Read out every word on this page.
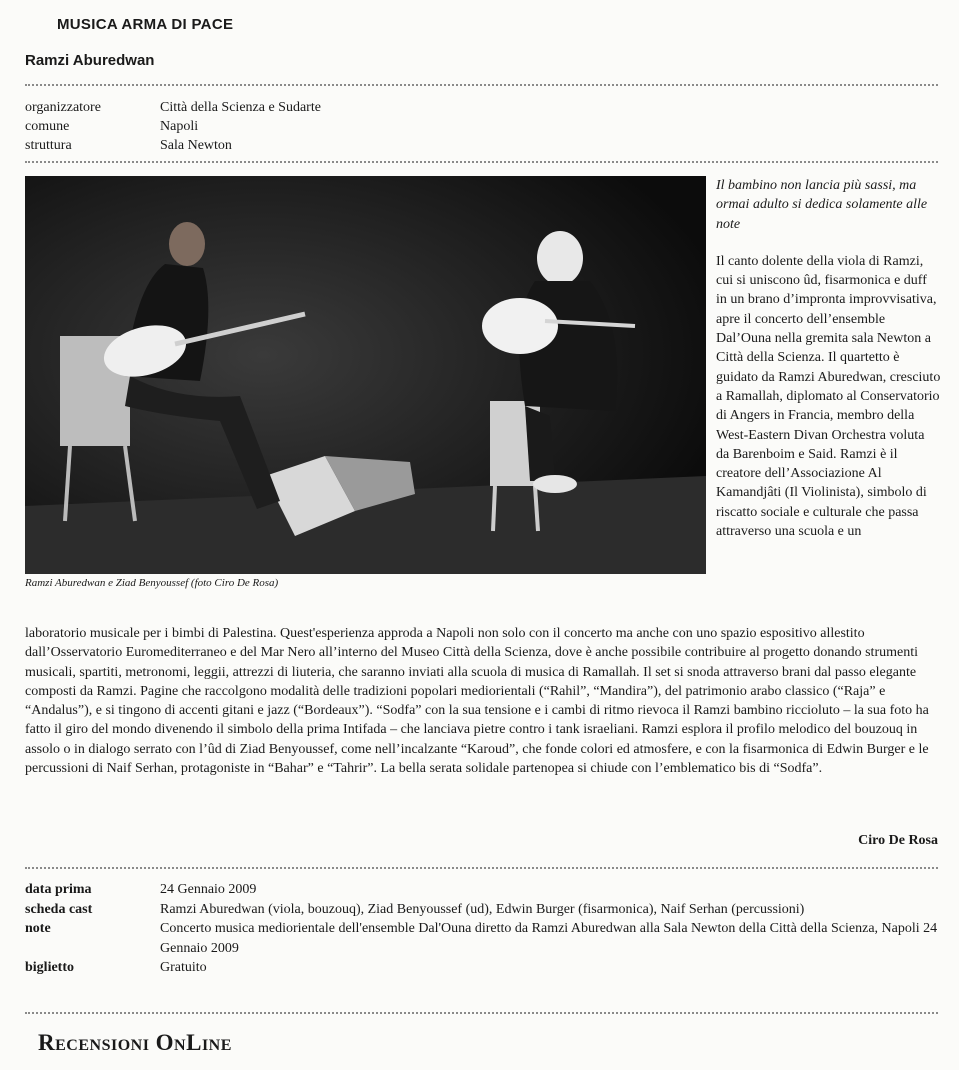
MUSICA ARMA DI PACE
Ramzi Aburedwan
organizzatore	Città della Scienza e Sudarte
comune	Napoli
struttura	Sala Newton
Ramzi Aburedwan e Ziad Benyoussef (foto Ciro De Rosa)

Il bambino non lancia più sassi, ma ormai adulto si dedica solamente alle note

Il canto dolente della viola di Ramzi, cui si uniscono ûd, fisarmonica e duff in un brano d’impronta improvvisativa, apre il concerto dell’ensemble Dal’Ouna nella gremita sala Newton a Città della Scienza. Il quartetto è guidato da Ramzi Aburedwan, cresciuto a Ramallah, diplomato al Conservatorio di Angers in Francia, membro della West-Eastern Divan Orchestra voluta da Barenboim e Said. Ramzi è il creatore dell’Associazione Al Kamandjâti (Il Violinista), simbolo di riscatto sociale e culturale che passa attraverso una scuola e un

laboratorio musicale per i bimbi di Palestina. Quest'esperienza approda a Napoli non solo con il concerto ma anche con uno spazio espositivo allestito dall’Osservatorio Euromediterraneo e del Mar Nero all’interno del Museo Città della Scienza, dove è anche possibile contribuire al progetto donando strumenti musicali, spartiti, metronomi, leggii, attrezzi di liuteria, che saranno inviati alla scuola di musica di Ramallah. Il set si snoda attraverso brani dal passo elegante composti da Ramzi. Pagine che raccolgono modalità delle tradizioni popolari mediorientali (“Rahil”, “Mandira”), del patrimonio arabo classico (“Raja” e “Andalus”), e si tingono di accenti gitani e jazz (“Bordeaux”). “Sodfa” con la sua tensione e i cambi di ritmo rievoca il Ramzi bambino ricciolutо – la sua foto ha fatto il giro del mondo divenendo il simbolo della prima Intifada – che lanciava pietre contro i tank israeliani. Ramzi esplora il profilo melodico del bouzouq in assolo o in dialogo serrato con l’ûd di Ziad Benyoussef, come nell’incalzante “Karoud”, che fonde colori ed atmosfere, e con la fisarmonica di Edwin Burger e le percussioni di Naif Serhan, protagoniste in “Bahar” e “Tahrir”. La bella serata solidale partenopea si chiude con l’emblematico bis di “Sodfa”.

Ciro De Rosa
data prima	24 Gennaio 2009
scheda cast	Ramzi Aburedwan (viola, bouzouq), Ziad Benyoussef (ud), Edwin Burger (fisarmonica), Naif Serhan (percussioni)
note	Concerto musica mediorientale dell'ensemble Dal'Ouna diretto da Ramzi Aburedwan alla Sala Newton della Città della Scienza, Napoli 24 Gennaio 2009
biglietto	Gratuito
Recensioni OnLine
